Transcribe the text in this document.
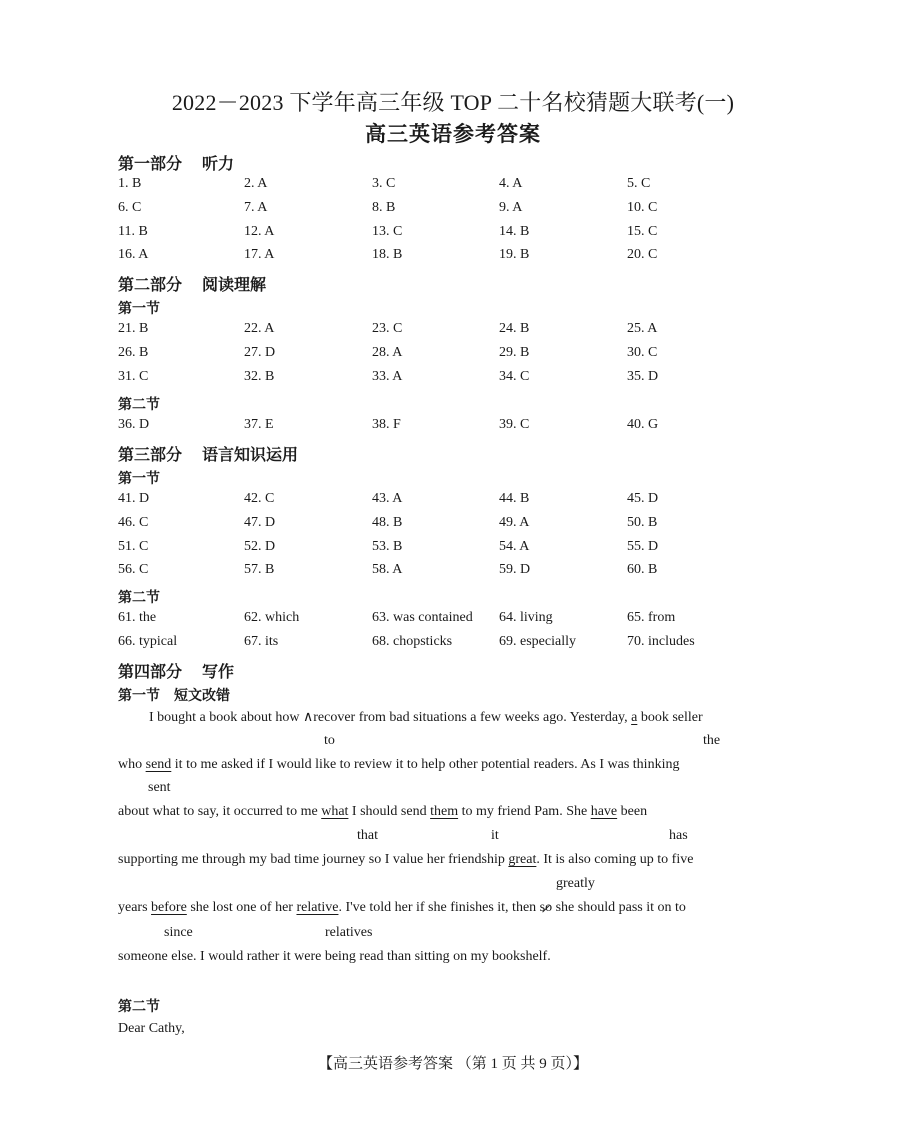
2022－2023 下学年高三年级 TOP 二十名校猜题大联考(一)
高三英语参考答案
第一部分 听力
1. B	2. A	3. C	4. A	5. C
6. C	7. A	8. B	9. A	10. C
11. B	12. A	13. C	14. B	15. C
16. A	17. A	18. B	19. B	20. C
第二部分 阅读理解
第一节
21. B	22. A	23. C	24. B	25. A
26. B	27. D	28. A	29. B	30. C
31. C	32. B	33. A	34. C	35. D
第二节
36. D	37. E	38. F	39. C	40. G
第三部分 语言知识运用
第一节
41. D	42. C	43. A	44. B	45. D
46. C	47. D	48. B	49. A	50. B
51. C	52. D	53. B	54. A	55. D
56. C	57. B	58. A	59. D	60. B
第二节
61. the	62. which	63. was contained 64. living	65. from
66. typical	67. its	68. chopsticks	69. especially	70. includes
第四部分 写作
第一节 短文改错
I bought a book about how ∧recover from bad situations a few weeks ago. Yesterday, a book seller
to	the
who send it to me asked if I would like to review it to help other potential readers. As I was thinking
sent
about what to say, it occurred to me what I should send them to my friend Pam. She have been
that	it	has
supporting me through my bad time journey so I value her friendship great. It is also coming up to five
greatly
years before she lost one of her relative. I've told her if she finishes it, then so she should pass it on to
since	relatives
someone else. I would rather it were being read than sitting on my bookshelf.
第二节
Dear Cathy,
【高三英语参考答案 （第 1 页 共 9 页）】
